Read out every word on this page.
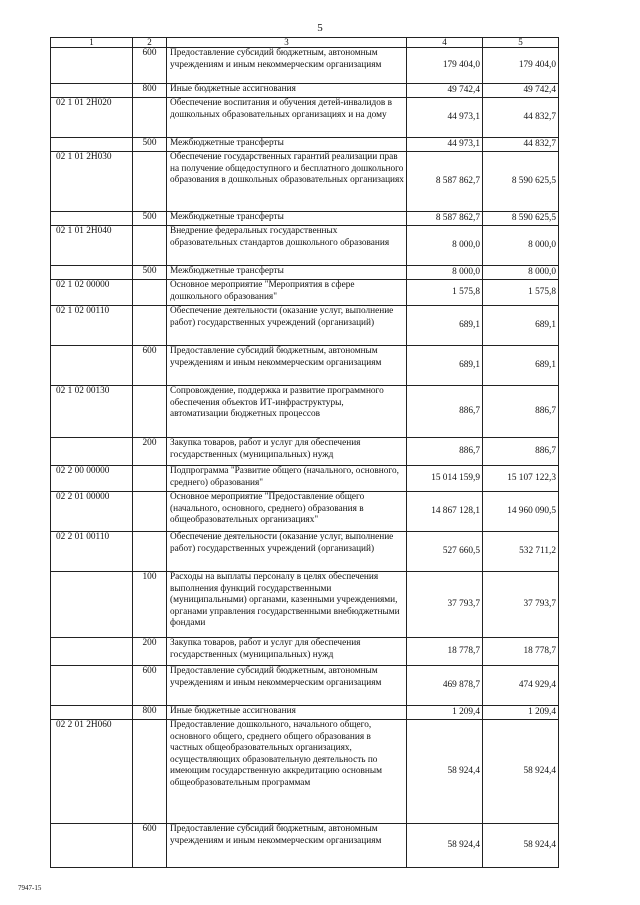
5
1	2	3	4	5
	600	Предоставление субсидий бюджетным, автономным учреждениям и иным некоммерческим организациям	179 404,0	179 404,0
	800	Иные бюджетные ассигнования	49 742,4	49 742,4
02 1 01 2Н020		Обеспечение воспитания и обучения детей-инвалидов в дошкольных образовательных организациях и на дому	44 973,1	44 832,7
	500	Межбюджетные трансферты	44 973,1	44 832,7
02 1 01 2Н030		Обеспечение государственных гарантий реализации прав на получение общедоступного и бесплатного дошкольного образования в дошкольных образовательных организациях	8 587 862,7	8 590 625,5
	500	Межбюджетные трансферты	8 587 862,7	8 590 625,5
02 1 01 2Н040		Внедрение федеральных государственных образовательных стандартов дошкольного образования	8 000,0	8 000,0
	500	Межбюджетные трансферты	8 000,0	8 000,0
02 1 02 00000		Основное мероприятие "Мероприятия в сфере дошкольного образования"	1 575,8	1 575,8
02 1 02 00110		Обеспечение деятельности (оказание услуг, выполнение работ) государственных учреждений (организаций)	689,1	689,1
	600	Предоставление субсидий бюджетным, автономным учреждениям и иным некоммерческим организациям	689,1	689,1
02 1 02 00130		Сопровождение, поддержка и развитие программного обеспечения объектов ИТ-инфраструктуры, автоматизации бюджетных процессов	886,7	886,7
	200	Закупка товаров, работ и услуг для обеспечения государственных (муниципальных) нужд	886,7	886,7
02 2 00 00000		Подпрограмма "Развитие общего (начального, основного, среднего) образования"	15 014 159,9	15 107 122,3
02 2 01 00000		Основное мероприятие "Предоставление общего (начального, основного, среднего) образования в общеобразовательных организациях"	14 867 128,1	14 960 090,5
02 2 01 00110		Обеспечение деятельности (оказание услуг, выполнение работ) государственных учреждений (организаций)	527 660,5	532 711,2
	100	Расходы на выплаты персоналу в целях обеспечения выполнения функций государственными (муниципальными) органами, казенными учреждениями, органами управления государственными внебюджетными фондами	37 793,7	37 793,7
	200	Закупка товаров, работ и услуг для обеспечения государственных (муниципальных) нужд	18 778,7	18 778,7
	600	Предоставление субсидий бюджетным, автономным учреждениям и иным некоммерческим организациям	469 878,7	474 929,4
	800	Иные бюджетные ассигнования	1 209,4	1 209,4
02 2 01 2Н060		Предоставление дошкольного, начального общего, основного общего, среднего общего образования в частных общеобразовательных организациях, осуществляющих образовательную деятельность по имеющим государственную аккредитацию основным общеобразовательным программам	58 924,4	58 924,4
	600	Предоставление субсидий бюджетным, автономным учреждениям и иным некоммерческим организациям	58 924,4	58 924,4
7947-15
